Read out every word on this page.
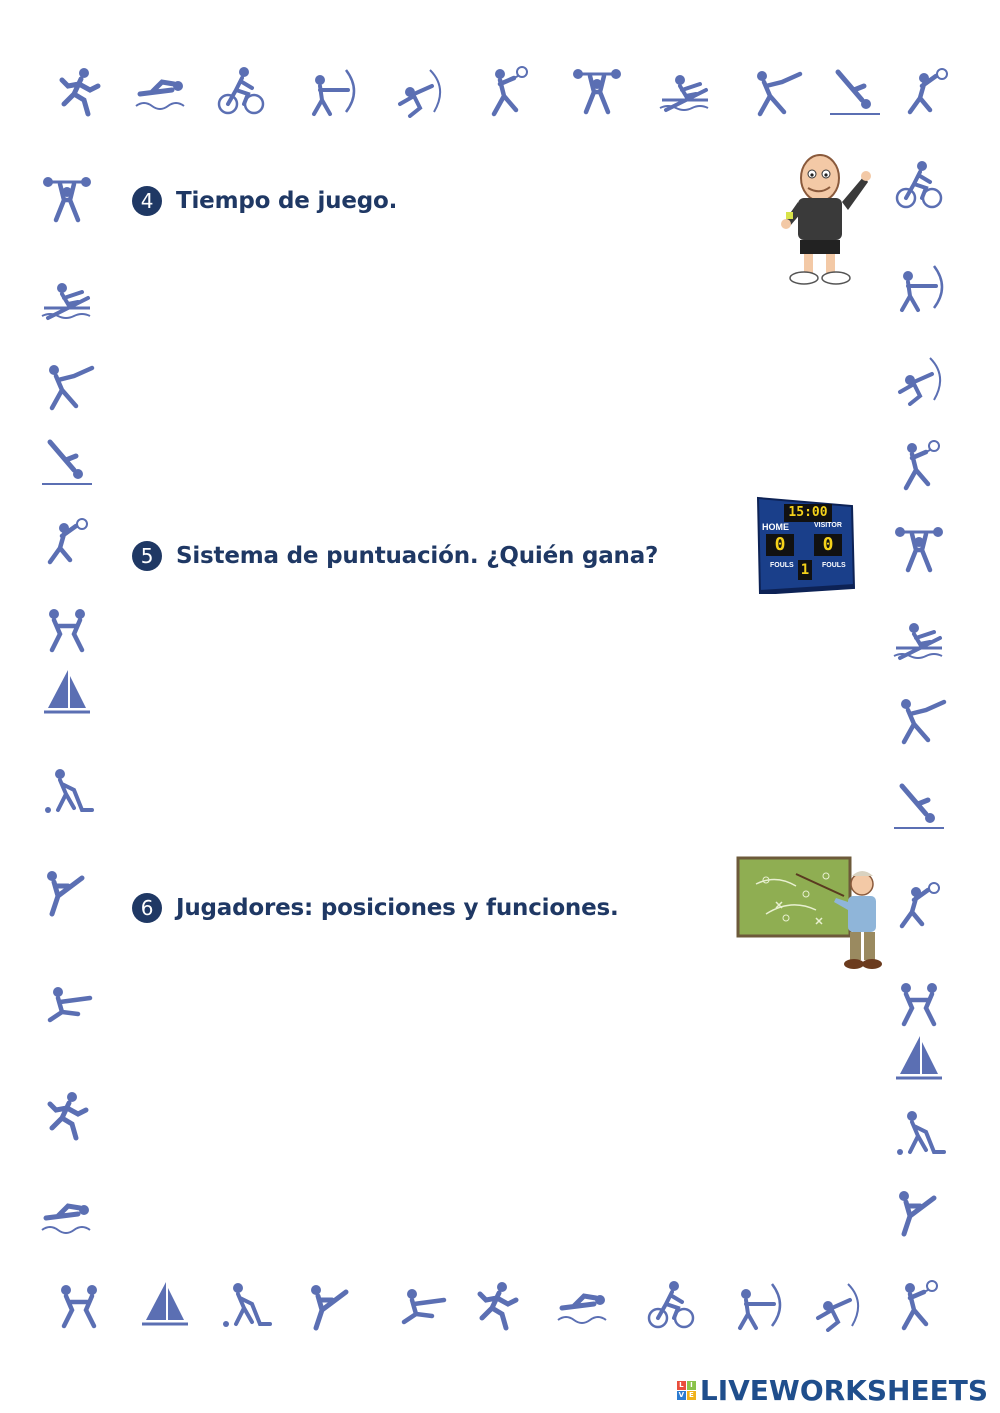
4 Tiempo de juego.
5 Sistema de puntuación. ¿Quién gana?
6 Jugadores: posiciones y funciones.
15:00
HOME	VISITOR
0	0
FOULS	FOULS
1
L I
V E LIVEWORKSHEETS
